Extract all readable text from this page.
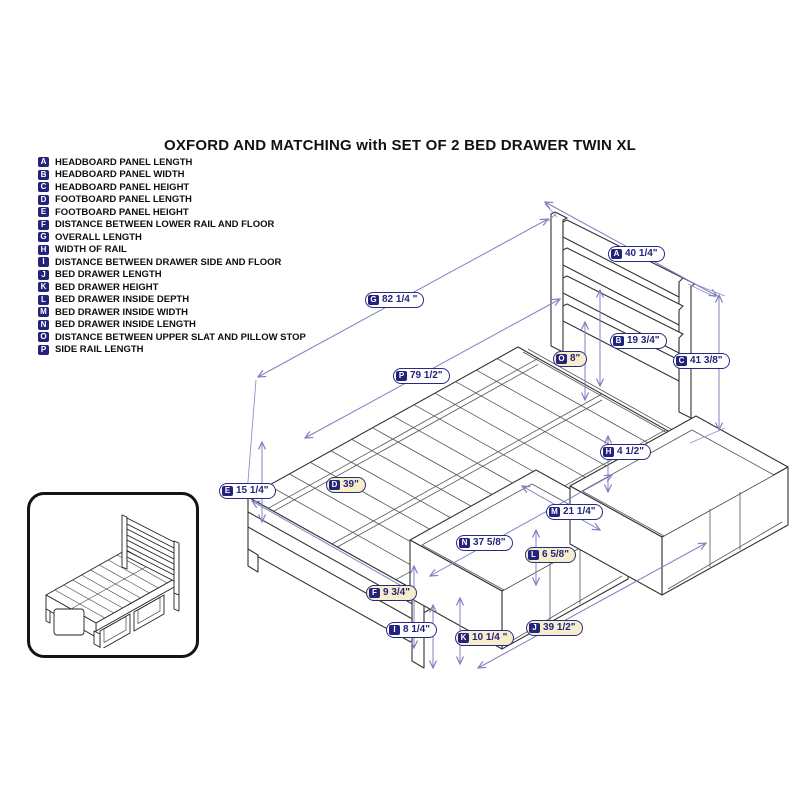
OXFORD AND MATCHING with SET OF 2 BED DRAWER TWIN XL
A HEADBOARD PANEL LENGTH
B HEADBOARD PANEL WIDTH
C HEADBOARD PANEL HEIGHT
D FOOTBOARD PANEL LENGTH
E FOOTBOARD PANEL HEIGHT
F DISTANCE BETWEEN LOWER RAIL AND FLOOR
G OVERALL LENGTH
H WIDTH OF RAIL
I	DISTANCE BETWEEN DRAWER SIDE AND FLOOR
J BED DRAWER LENGTH
K BED DRAWER HEIGHT
L BED DRAWER INSIDE DEPTH
M BED DRAWER INSIDE WIDTH
N BED DRAWER INSIDE LENGTH
O DISTANCE BETWEEN UPPER SLAT AND PILLOW STOP
P SIDE RAIL LENGTH
A 40 1/4"
G 82 1/4 "
B 19 3/4"
O 8"
P 79 1/2"
C 41 3/8"
H 4 1/2"
D 39"
E 15 1/4"
M 21 1/4"
N 37 5/8"
L 6 5/8"
F 9 3/4"
I 8 1/4"
K 10 1/4 "
J 39 1/2"
